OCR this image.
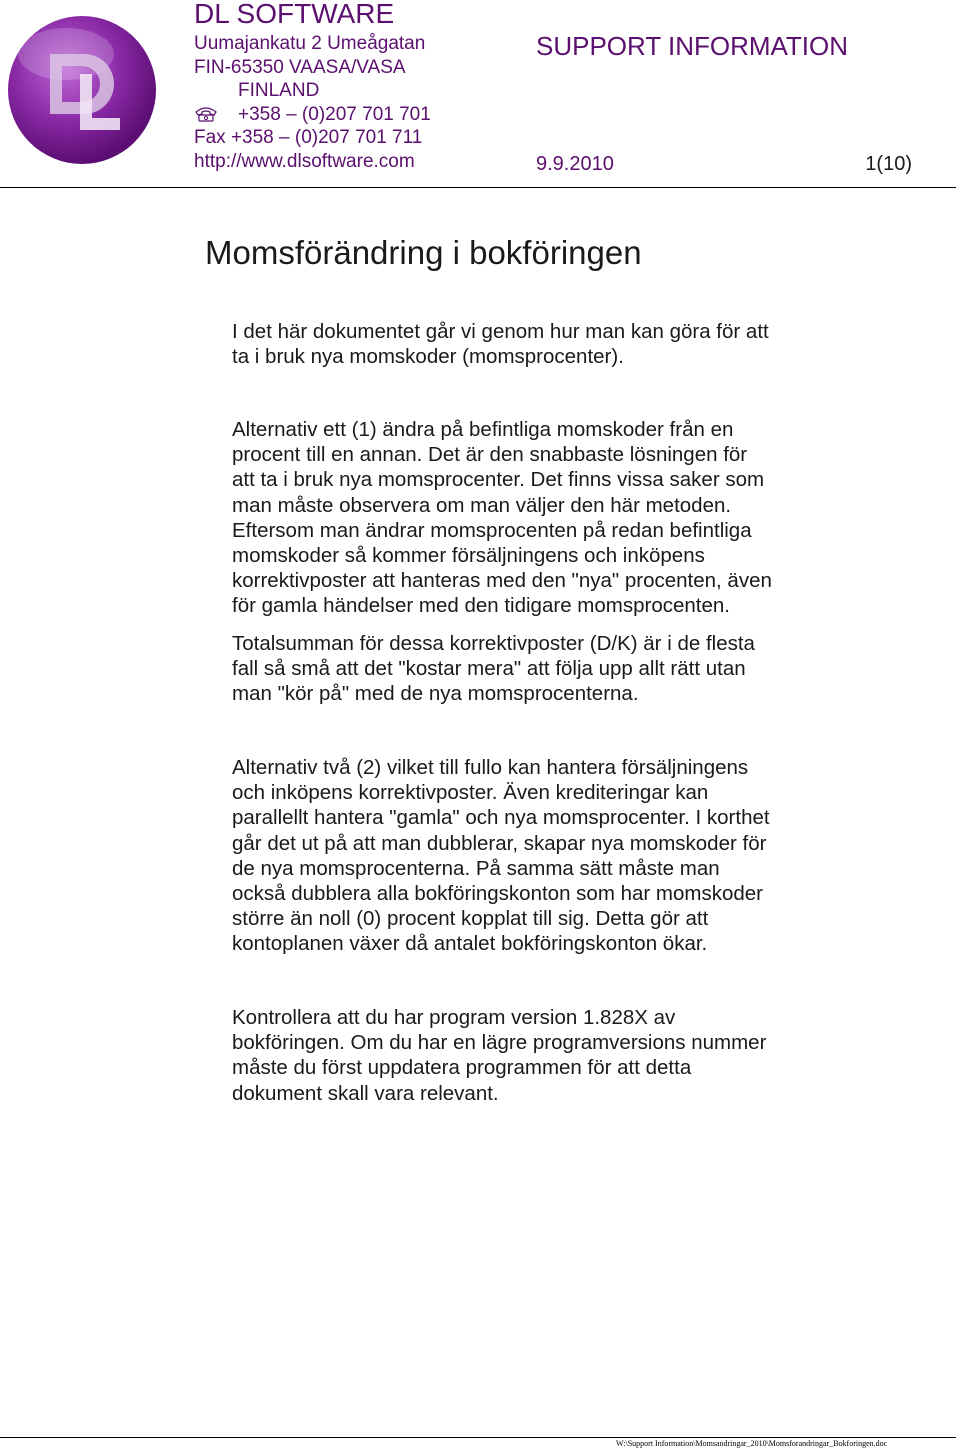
DL SOFTWARE
Uumajankatu 2 Umeågatan
FIN-65350 VAASA/VASA
FINLAND
+358 – (0)207 701 701
Fax +358 – (0)207 701 711
http://www.dlsoftware.com
SUPPORT INFORMATION
9.9.2010	1(10)
Momsförändring i bokföringen

I det här dokumentet går vi genom hur man kan göra för att
ta i bruk nya momskoder (momsprocenter).

Alternativ ett (1) ändra på befintliga momskoder från en
procent till en annan. Det är den snabbaste lösningen för
att ta i bruk nya momsprocenter. Det finns vissa saker som
man måste observera om man väljer den här metoden.
Eftersom man ändrar momsprocenten på redan befintliga
momskoder så kommer försäljningens och inköpens
korrektivposter att hanteras med den "nya" procenten, även
för gamla händelser med den tidigare momsprocenten.

Totalsumman för dessa korrektivposter (D/K) är i de flesta
fall så små att det "kostar mera" att följa upp allt rätt utan
man "kör på" med de nya momsprocenterna.

Alternativ två (2) vilket till fullo kan hantera försäljningens
och inköpens korrektivposter. Även krediteringar kan
parallellt hantera "gamla" och nya momsprocenter. I korthet
går det ut på att man dubblerar, skapar nya momskoder för
de nya momsprocenterna. På samma sätt måste man
också dubblera alla bokföringskonton som har momskoder
större än noll (0) procent kopplat till sig. Detta gör att
kontoplanen växer då antalet bokföringskonton ökar.

Kontrollera att du har program version 1.828X av
bokföringen. Om du har en lägre programversions nummer
måste du först uppdatera programmen för att detta
dokument skall vara relevant.

W:\Support Information\Momsandringar_2010\Momsforandringar_Bokforingen.doc
